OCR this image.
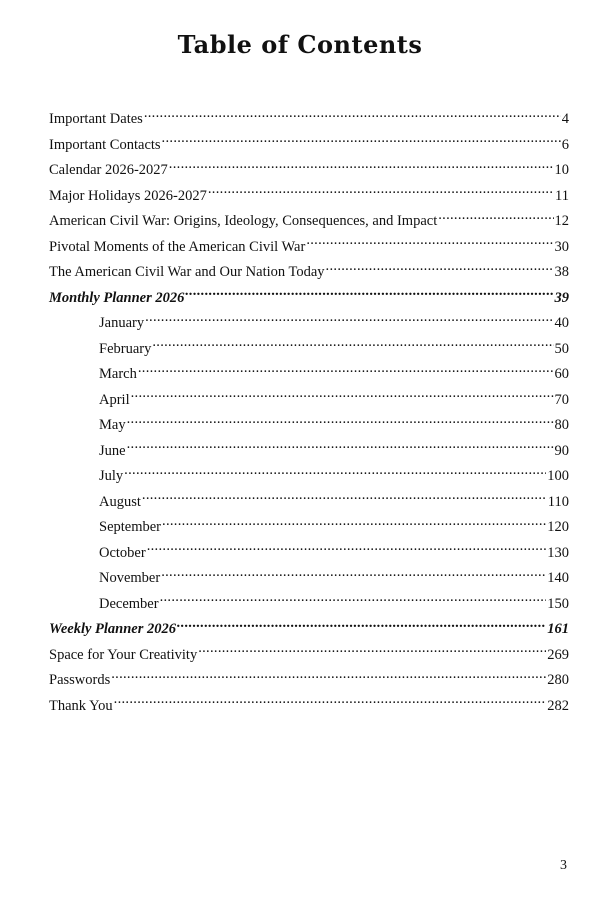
Table of Contents
Important Dates .....	4
Important Contacts .....	6
Calendar 2026-2027 .....	10
Major Holidays 2026-2027 .....	11
American Civil War: Origins, Ideology, Consequences, and Impact .....	12
Pivotal Moments of the American Civil War .....	30
The American Civil War and Our Nation Today .....	38
Monthly Planner 2026 .....	39
January .....	40
February .....	50
March .....	60
April .....	70
May .....	80
June .....	90
July .....	100
August .....	110
September .....	120
October .....	130
November .....	140
December .....	150
Weekly Planner 2026 .....	161
Space for Your Creativity .....	269
Passwords .....	280
Thank You .....	282
3
